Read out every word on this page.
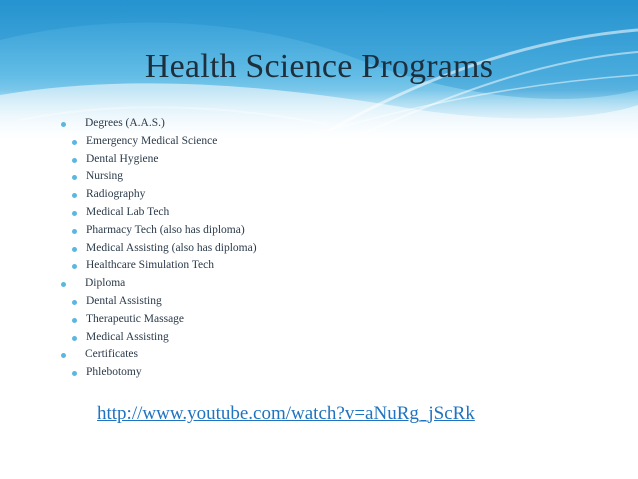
Health Science Programs
Degrees (A.A.S.)
Emergency Medical Science
Dental Hygiene
Nursing
Radiography
Medical Lab Tech
Pharmacy Tech (also has diploma)
Medical Assisting (also has diploma)
Healthcare Simulation Tech
Diploma
Dental Assisting
Therapeutic Massage
Medical Assisting
Certificates
Phlebotomy
http://www.youtube.com/watch?v=aNuRg_jScRk
